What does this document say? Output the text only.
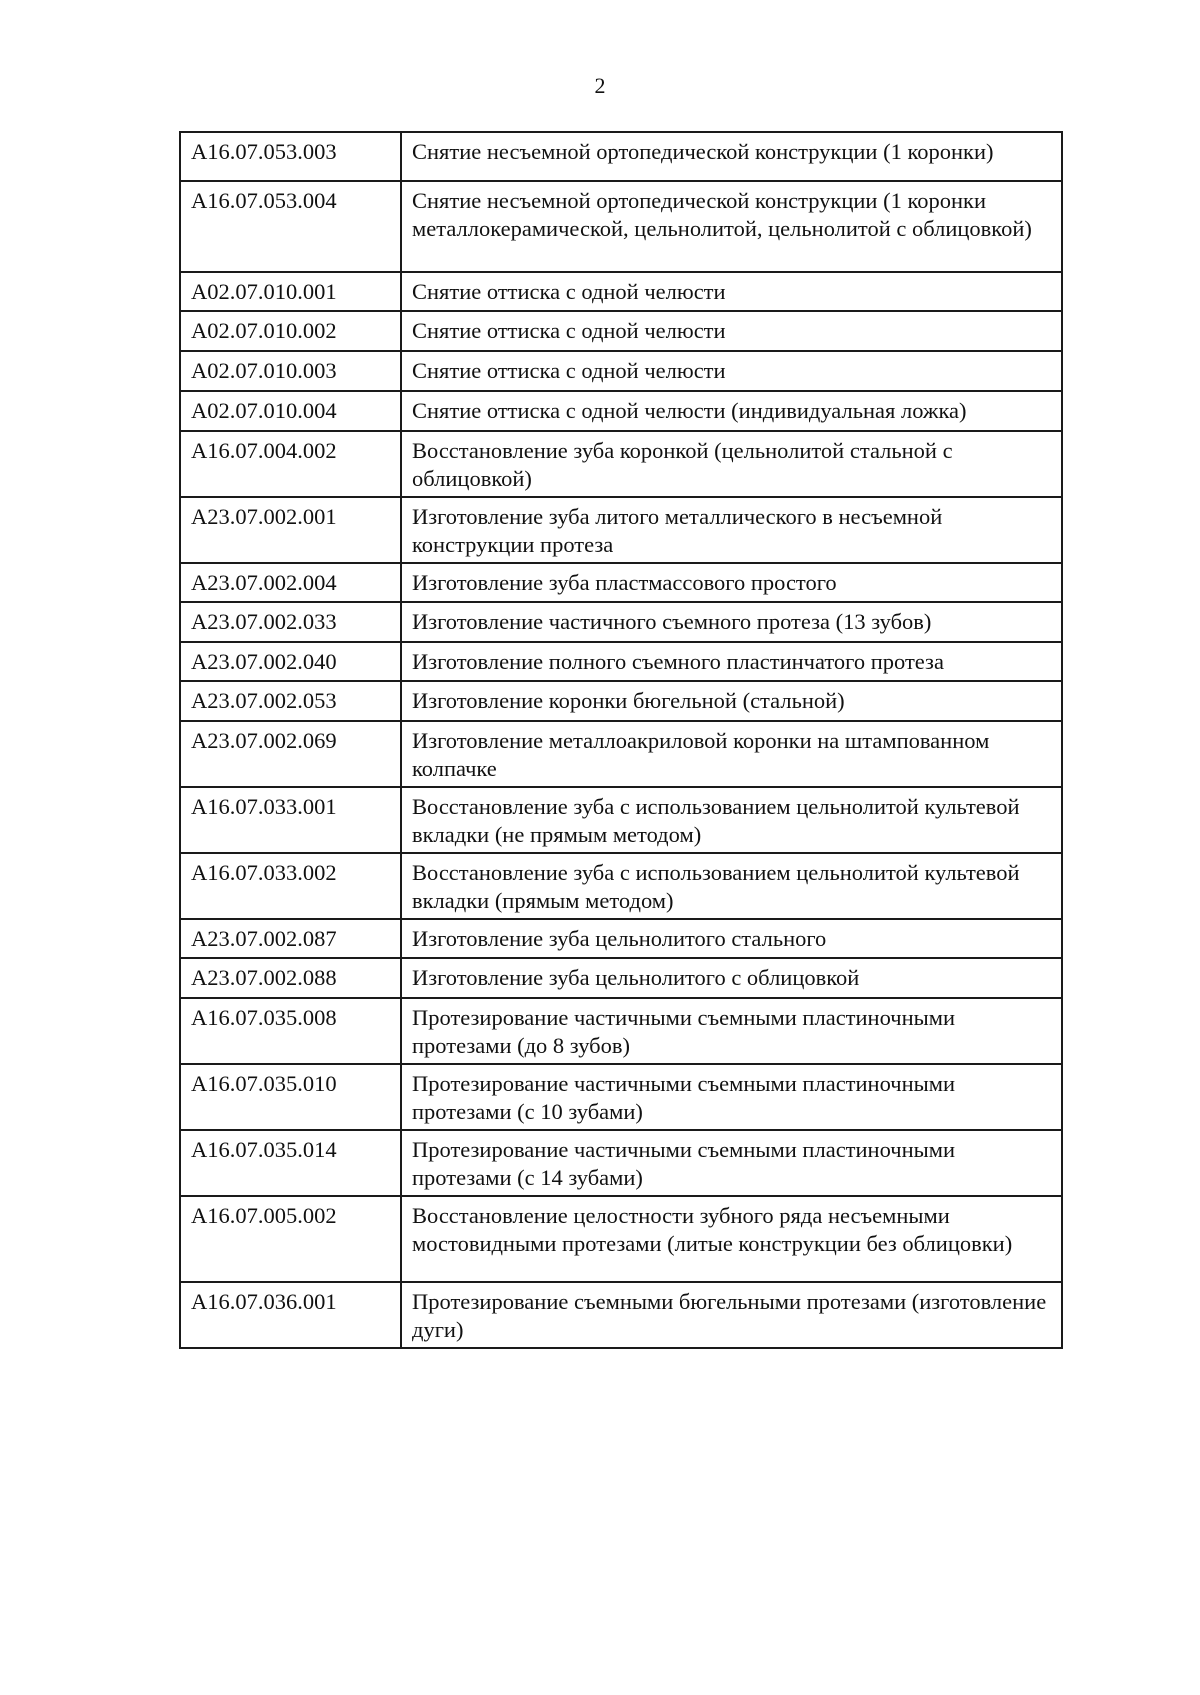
2
А16.07.053.003	Снятие несъемной ортопедической конструкции (1 коронки)
А16.07.053.004	Снятие несъемной ортопедической конструкции (1 коронки металлокерамической, цельнолитой, цельнолитой с облицовкой)
А02.07.010.001	Снятие оттиска с одной челюсти
А02.07.010.002	Снятие оттиска с одной челюсти
А02.07.010.003	Снятие оттиска с одной челюсти
А02.07.010.004	Снятие оттиска с одной челюсти (индивидуальная ложка)
А16.07.004.002	Восстановление зуба коронкой (цельнолитой стальной с облицовкой)
А23.07.002.001	Изготовление зуба литого металлического в несъемной конструкции протеза
А23.07.002.004	Изготовление зуба пластмассового простого
А23.07.002.033	Изготовление частичного съемного протеза (13 зубов)
А23.07.002.040	Изготовление полного съемного пластинчатого протеза
А23.07.002.053	Изготовление коронки бюгельной (стальной)
А23.07.002.069	Изготовление металлоакриловой коронки на штампованном колпачке
А16.07.033.001	Восстановление зуба с использованием цельнолитой культевой вкладки (не прямым методом)
А16.07.033.002	Восстановление зуба с использованием цельнолитой культевой вкладки (прямым методом)
А23.07.002.087	Изготовление зуба цельнолитого стального
А23.07.002.088	Изготовление зуба цельнолитого с облицовкой
А16.07.035.008	Протезирование частичными съемными пластиночными протезами (до 8 зубов)
А16.07.035.010	Протезирование частичными съемными пластиночными протезами (с 10 зубами)
А16.07.035.014	Протезирование частичными съемными пластиночными протезами (с 14 зубами)
А16.07.005.002	Восстановление целостности зубного ряда несъемными мостовидными протезами (литые конструкции без облицовки)
А16.07.036.001	Протезирование съемными бюгельными протезами (изготовление дуги)
